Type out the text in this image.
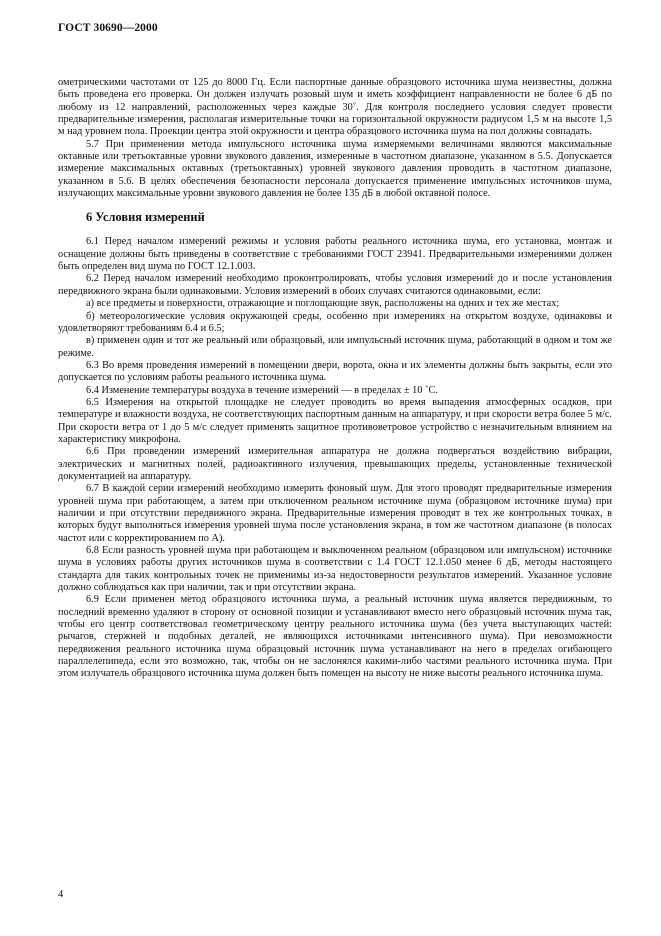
ГОСТ 30690—2000

ометрическими частотами от 125 до 8000 Гц. Если паспортные данные образцового источника шума неизвестны, должна быть проведена его проверка. Он должен излучать розовый шум и иметь коэффициент направленности не более 6 дБ по любому из 12 направлений, расположенных через каждые 30˚. Для контроля последнего условия следует провести предварительные измерения, располагая измерительные точки на горизонтальной окружности радиусом 1,5 м на высоте 1,5 м над уровнем пола. Проекции центра этой окружности и центра образцового источника шума на пол должны совпадать.

5.7 При применении метода импульсного источника шума измеряемыми величинами являются максимальные октавные или третьоктавные уровни звукового давления, измеренные в частотном диапазоне, указанном в 5.5. Допускается измерение максимальных октавных (третьоктавных) уровней звукового давления проводить в частотном диапазоне, указанном в 5.6. В целях обеспечения безопасности персонала допускается применение импульсных источников шума, излучающих максимальные уровни звукового давления не более 135 дБ в любой октавной полосе.

6 Условия измерений

6.1 Перед началом измерений режимы и условия работы реального источника шума, его установка, монтаж и оснащение должны быть приведены в соответствие с требованиями ГОСТ 23941. Предварительными измерениями должен быть определен вид шума по ГОСТ 12.1.003.

6.2 Перед началом измерений необходимо проконтролировать, чтобы условия измерений до и после установления передвижного экрана были одинаковыми. Условия измерений в обоих случаях считаются одинаковыми, если:

а) все предметы и поверхности, отражающие и поглощающие звук, расположены на одних и тех же местах;

б) метеорологические условия окружающей среды, особенно при измерениях на открытом воздухе, одинаковы и удовлетворяют требованиям 6.4 и 6.5;

в) применен один и тот же реальный или образцовый, или импульсный источник шума, работающий в одном и том же режиме.

6.3 Во время проведения измерений в помещении двери, ворота, окна и их элементы должны быть закрыты, если это допускается по условиям работы реального источника шума.

6.4 Изменение температуры воздуха в течение измерений — в пределах ± 10 ˚С.

6.5 Измерения на открытой площадке не следует проводить во время выпадения атмосферных осадков, при температуре и влажности воздуха, не соответствующих паспортным данным на аппаратуру, и при скорости ветра более 5 м/с. При скорости ветра от 1 до 5 м/с следует применять защитное противоветровое устройство с незначительным влиянием на характеристику микрофона.

6.6 При проведении измерений измерительная аппаратура не должна подвергаться воздействию вибрации, электрических и магнитных полей, радиоактивного излучения, превышающих пределы, установленные технической документацией на аппаратуру.

6.7 В каждой серии измерений необходимо измерить фоновый шум. Для этого проводят предварительные измерения уровней шума при работающем, а затем при отключенном реальном источнике шума (образцовом источнике шума) при наличии и при отсутствии передвижного экрана. Предварительные измерения проводят в тех же контрольных точках, в которых будут выполняться измерения уровней шума после установления экрана, в том же частотном диапазоне (в полосах частот или с корректированием по А).

6.8 Если разность уровней шума при работающем и выключенном реальном (образцовом или импульсном) источнике шума в условиях работы других источников шума в соответствии с 1.4 ГОСТ 12.1.050 менее 6 дБ, методы настоящего стандарта для таких контрольных точек не применимы из-за недостоверности результатов измерений. Указанное условие должно соблюдаться как при наличии, так и при отсутствии экрана.

6.9 Если применен метод образцового источника шума, а реальный источник шума является передвижным, то последний временно удаляют в сторону от основной позиции и устанавливают вместо него образцовый источник шума так, чтобы его центр соответствовал геометрическому центру реального источника шума (без учета выступающих частей: рычагов, стержней и подобных деталей, не являющихся источниками интенсивного шума). При невозможности передвижения реального источника шума образцовый источник шума устанавливают на него в пределах огибающего параллелепипеда, если это возможно, так, чтобы он не заслонялся какими-либо частями реального источника шума. При этом излучатель образцового источника шума должен быть помещен на высоту не ниже высоты реального источника шума.

4
